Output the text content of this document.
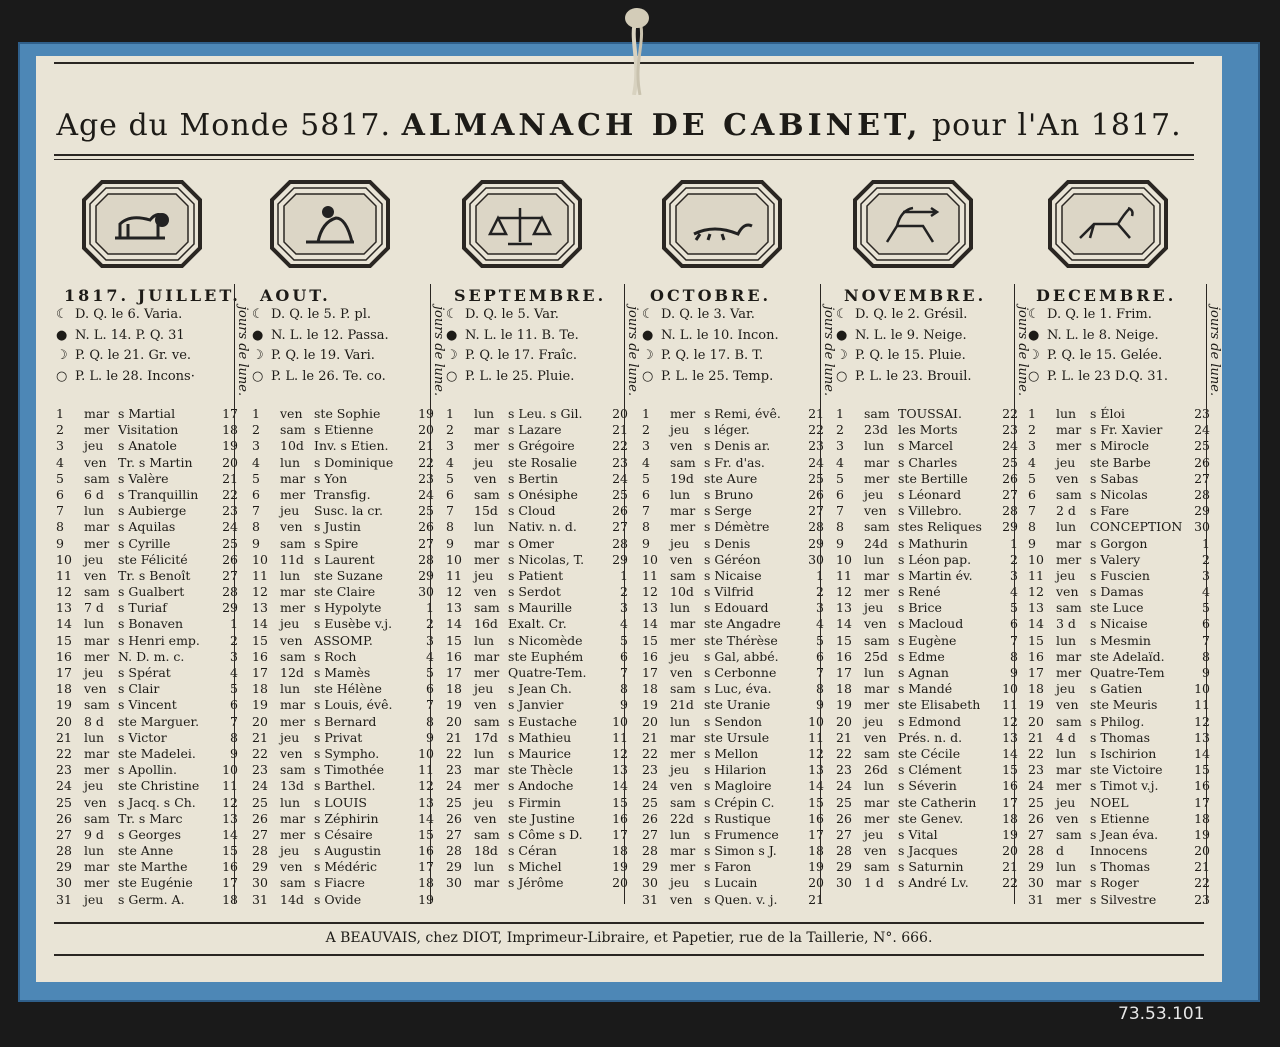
Age du Monde 5817. ALMANACH DE CABINET, pour l'An 1817.
1817. JUILLET.
☾ D. Q. le 6. Varia.
● N. L. 14. P. Q. 31
☽ P. Q. le 21. Gr. ve.
○ P. L. le 28. Incons·
1	mar s Martial	17
2	mer Visitation	18
3	jeu	s Anatole	19
4	ven Tr. s Martin	20
5	sam s Valère	21
6	6 d	s Tranquillin	22
7	lun	s Aubierge	23
8	mar s Aquilas	24
9	mer s Cyrille	25
10 jeu	ste Félicité	26
11 ven Tr. s Benoît	27
12 sam s Gualbert	28
13 7 d	s Turiaf	29
14 lun	s Bonaven	1
15 mar s Henri emp.	2
16 mer N. D. m. c.	3
17 jeu	s Spérat	4
18 ven s Clair	5
19 sam s Vincent	6
20 8 d	ste Marguer.	7
21 lun	s Victor	8
22 mar ste Madelei.	9
23 mer s Apollin.	10
24 jeu	ste Christine	11
25 ven s Jacq. s Ch.	12
26 sam Tr. s Marc	13
27 9 d	s Georges	14
28 lun	ste Anne	15
29 mar ste Marthe	16
30 mer ste Eugénie	17
31 jeu	s Germ. A.	18
jours de lune.
AOUT.
☾ D. Q. le 5. P. pl.
● N. L. le 12. Passa.
☽ P. Q. le 19. Vari.
○ P. L. le 26. Te. co.
1	ven ste Sophie	19
2	sam s Etienne	20
3	10d Inv. s Etien.	21
4	lun	s Dominique	22
5	mar s Yon	23
6	mer Transfig.	24
7	jeu	Susc. la cr.	25
8	ven s Justin	26
9	sam s Spire	27
10 11d s Laurent	28
11 lun	ste Suzane	29
12 mar ste Claire	30
13 mer s Hypolyte	1
14 jeu	s Eusèbe v.j.	2
15 ven ASSOMP.	3
16 sam s Roch	4
17 12d s Mamès	5
18 lun	ste Hélène	6
19 mar s Louis, évê.	7
20 mer s Bernard	8
21 jeu	s Privat	9
22 ven s Sympho.	10
23 sam s Timothée	11
24 13d s Barthel.	12
25 lun	s LOUIS	13
26 mar s Zéphirin	14
27 mer s Césaire	15
28 jeu	s Augustin	16
29 ven s Médéric	17
30 sam s Fiacre	18
31 14d s Ovide	19
jours de lune.
SEPTEMBRE.
☾ D. Q. le 5. Var.
● N. L. le 11. B. Te.
☽ P. Q. le 17. Fraîc.
○ P. L. le 25. Pluie.
1	lun	s Leu. s Gil.	20
2	mar s Lazare	21
3	mer s Grégoire	22
4	jeu	ste Rosalie	23
5	ven s Bertin	24
6	sam s Onésiphe	25
7	15d s Cloud	26
8	lun	Nativ. n. d.	27
9	mar s Omer	28
10 mer s Nicolas, T.	29
11 jeu	s Patient	1
12 ven s Serdot	2
13 sam s Maurille	3
14 16d Exalt. Cr.	4
15 lun	s Nicomède	5
16 mar ste Euphém	6
17 mer Quatre-Tem.	7
18 jeu	s Jean Ch.	8
19 ven s Janvier	9
20 sam s Eustache	10
21 17d s Mathieu	11
22 lun	s Maurice	12
23 mar ste Thècle	13
24 mer s Andoche	14
25 jeu	s Firmin	15
26 ven ste Justine	16
27 sam s Côme s D.	17
28 18d s Céran	18
29 lun	s Michel	19
30 mar s Jérôme	20
jours de lune.
OCTOBRE.
☾ D. Q. le 3. Var.
● N. L. le 10. Incon.
☽ P. Q. le 17. B. T.
○ P. L. le 25. Temp.
1	mer s Remi, évê.	21
2	jeu	s léger.	22
3	ven s Denis ar.	23
4	sam s Fr. d'as.	24
5	19d ste Aure	25
6	lun	s Bruno	26
7	mar s Serge	27
8	mer s Démètre	28
9	jeu	s Denis	29
10 ven s Géréon	30
11 sam s Nicaise	1
12 10d s Vilfrid	2
13 lun	s Edouard	3
14 mar ste Angadre	4
15 mer ste Thérèse	5
16 jeu	s Gal, abbé.	6
17 ven s Cerbonne	7
18 sam s Luc, éva.	8
19 21d ste Uranie	9
20 lun	s Sendon	10
21 mar ste Ursule	11
22 mer s Mellon	12
23 jeu	s Hilarion	13
24 ven s Magloire	14
25 sam s Crépin C.	15
26 22d s Rustique	16
27 lun	s Frumence	17
28 mar s Simon s J.	18
29 mer s Faron	19
30 jeu	s Lucain	20
31 ven s Quen. v. j.	21
jours de lune.
NOVEMBRE.
☾ D. Q. le 2. Grésil.
● N. L. le 9. Neige.
☽ P. Q. le 15. Pluie.
○ P. L. le 23. Brouil.
1	sam TOUSSAI.	22
2	23d les Morts	23
3	lun	s Marcel	24
4	mar s Charles	25
5	mer ste Bertille	26
6	jeu	s Léonard	27
7	ven s Villebro.	28
8	sam stes Reliques	29
9	24d s Mathurin	1
10 lun	s Léon pap.	2
11 mar s Martin év.	3
12 mer s René	4
13 jeu	s Brice	5
14 ven s Macloud	6
15 sam s Eugène	7
16 25d s Edme	8
17 lun	s Agnan	9
18 mar s Mandé	10
19 mer ste Elisabeth	11
20 jeu	s Edmond	12
21 ven Prés. n. d.	13
22 sam ste Cécile	14
23 26d s Clément	15
24 lun	s Séverin	16
25 mar ste Catherin	17
26 mer ste Genev.	18
27 jeu	s Vital	19
28 ven s Jacques	20
29 sam s Saturnin	21
30 1 d	s André Lv.	22
jours de lune.
DECEMBRE.
☾ D. Q. le 1. Frim.
● N. L. le 8. Neige.
☽ P. Q. le 15. Gelée.
○ P. L. le 23 D.Q. 31.
1	lun	s Éloi	23
2	mar s Fr. Xavier	24
3	mer s Mirocle	25
4	jeu	ste Barbe	26
5	ven s Sabas	27
6	sam s Nicolas	28
7	2 d	s Fare	29
8	lun	CONCEPTION 30
9	mar s Gorgon	1
10 mer s Valery	2
11 jeu	s Fuscien	3
12 ven s Damas	4
13 sam ste Luce	5
14 3 d	s Nicaise	6
15 lun	s Mesmin	7
16 mar ste Adelaïd.	8
17 mer Quatre-Tem	9
18 jeu	s Gatien	10
19 ven ste Meuris	11
20 sam s Philog.	12
21 4 d	s Thomas	13
22 lun	s Ischirion	14
23 mar ste Victoire	15
24 mer s Timot v.j.	16
25 jeu	NOEL	17
26 ven s Etienne	18
27 sam s Jean éva.	19
28 d	Innocens	20
29 lun	s Thomas	21
30 mar s Roger	22
31 mer s Silvestre	23
jours de lune.
A BEAUVAIS, chez DIOT, Imprimeur-Libraire, et Papetier, rue de la Taillerie, N°. 666.
73.53.101
